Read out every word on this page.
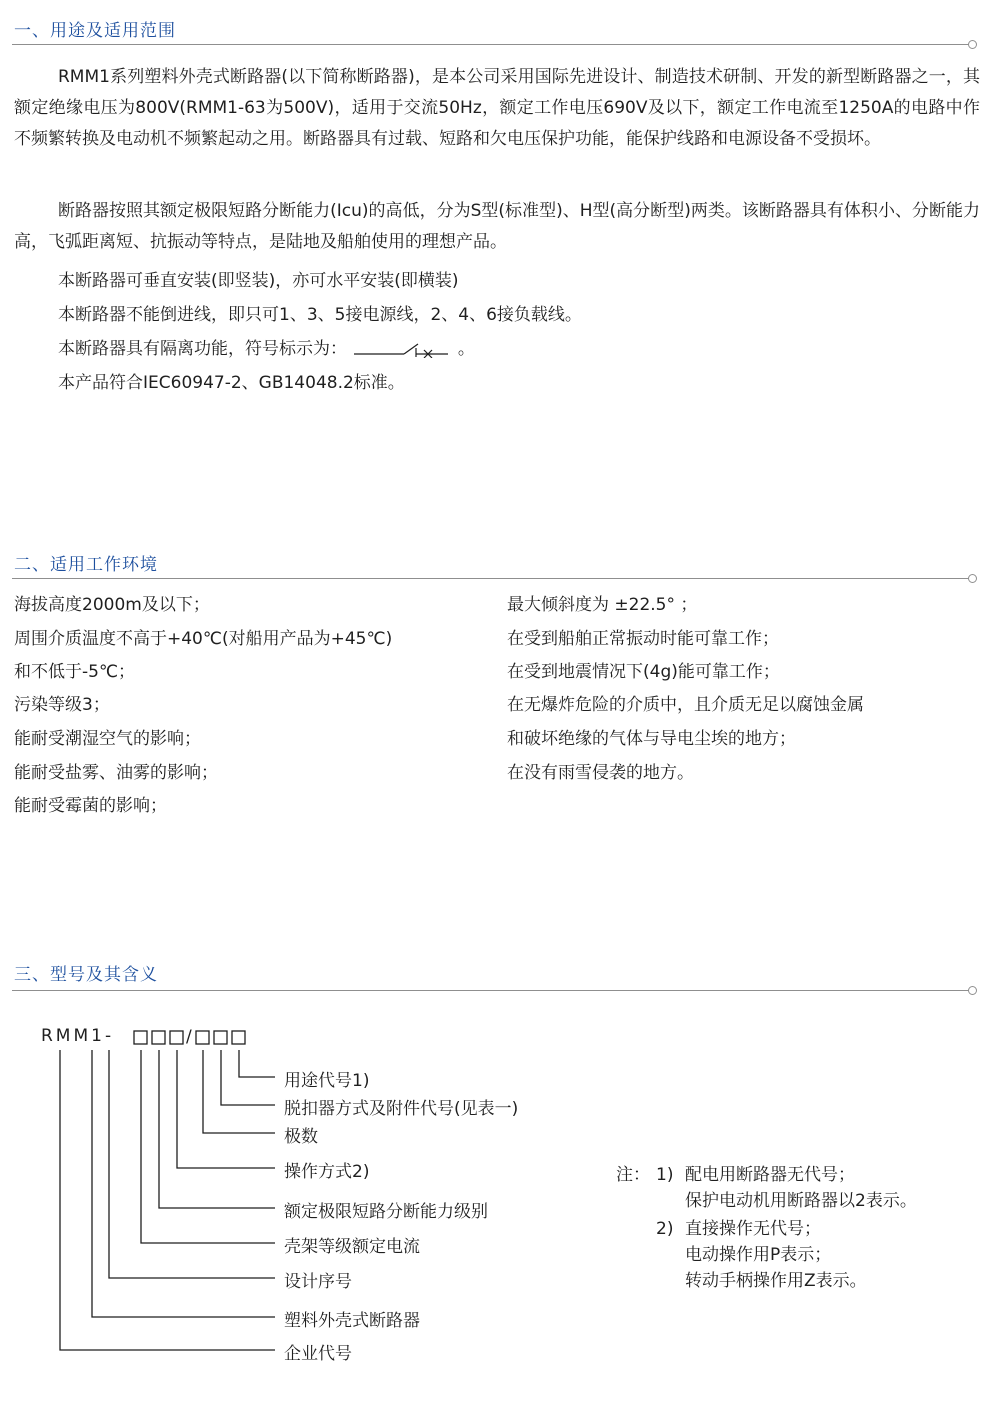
一、用途及适用范围
RMM1系列塑料外壳式断路器(以下简称断路器)，是本公司采用国际先进设计、制造技术研制、开发的新型断路器之一，其额定绝缘电压为800V(RMM1-63为500V)，适用于交流50Hz，额定工作电压690V及以下，额定工作电流至1250A的电路中作不频繁转换及电动机不频繁起动之用。断路器具有过载、短路和欠电压保护功能，能保护线路和电源设备不受损坏。
断路器按照其额定极限短路分断能力(Icu)的高低，分为S型(标准型)、H型(高分断型)两类。该断路器具有体积小、分断能力高，飞弧距离短、抗振动等特点，是陆地及船舶使用的理想产品。
本断路器可垂直安装(即竖装)，亦可水平安装(即横装)
本断路器不能倒进线，即只可1、3、5接电源线，2、4、6接负载线。
本断路器具有隔离功能，符号标示为：	。
本产品符合IEC60947-2、GB14048.2标准。
二、适用工作环境
海拔高度2000m及以下；
周围介质温度不高于+40℃(对船用产品为+45℃)
和不低于-5℃；
污染等级3；
能耐受潮湿空气的影响；
能耐受盐雾、油雾的影响；
能耐受霉菌的影响；
最大倾斜度为 ±22.5° ；
在受到船舶正常振动时能可靠工作；
在受到地震情况下(4g)能可靠工作；
在无爆炸危险的介质中，且介质无足以腐蚀金属
和破坏绝缘的气体与导电尘埃的地方；
在没有雨雪侵袭的地方。
三、型号及其含义
RMM1-	/
用途代号1)
脱扣器方式及附件代号(见表一)
极数
操作方式2)
额定极限短路分断能力级别
壳架等级额定电流
设计序号
塑料外壳式断路器
企业代号
注： 1) 配电用断路器无代号；
保护电动机用断路器以2表示。
2) 直接操作无代号；
电动操作用P表示；
转动手柄操作用Z表示。
